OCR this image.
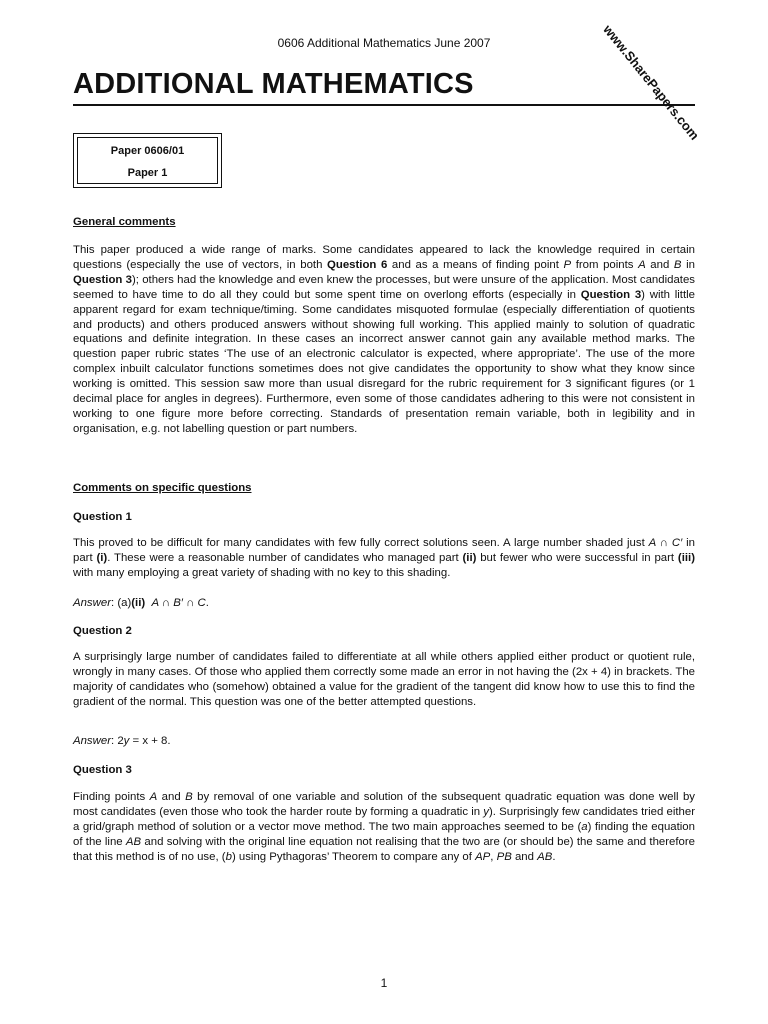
0606 Additional Mathematics June 2007
ADDITIONAL MATHEMATICS	www.SharePapers.com
Paper 0606/01
Paper 1
General comments

This paper produced a wide range of marks. Some candidates appeared to lack the knowledge required in certain questions (especially the use of vectors, in both Question 6 and as a means of finding point P from points A and B in Question 3); others had the knowledge and even knew the processes, but were unsure of the application. Most candidates seemed to have time to do all they could but some spent time on overlong efforts (especially in Question 3) with little apparent regard for exam technique/timing. Some candidates misquoted formulae (especially differentiation of quotients and products) and others produced answers without showing full working. This applied mainly to solution of quadratic equations and definite integration. In these cases an incorrect answer cannot gain any available method marks. The question paper rubric states ‘The use of an electronic calculator is expected, where appropriate’. The use of the more complex inbuilt calculator functions sometimes does not give candidates the opportunity to show what they know since working is omitted. This session saw more than usual disregard for the rubric requirement for 3 significant figures (or 1 decimal place for angles in degrees). Furthermore, even some of those candidates adhering to this were not consistent in working to one figure more before correcting. Standards of presentation remain variable, both in legibility and in organisation, e.g. not labelling question or part numbers.

Comments on specific questions
Question 1

This proved to be difficult for many candidates with few fully correct solutions seen. A large number shaded just A ∩ C′ in part (i). These were a reasonable number of candidates who managed part (ii) but fewer who were successful in part (iii) with many employing a great variety of shading with no key to this shading.

Answer: (a)(ii) A ∩ B′ ∩ C.

Question 2

A surprisingly large number of candidates failed to differentiate at all while others applied either product or quotient rule, wrongly in many cases. Of those who applied them correctly some made an error in not having the (2x + 4) in brackets. The majority of candidates who (somehow) obtained a value for the gradient of the tangent did know how to use this to find the gradient of the normal. This question was one of the better attempted questions.

Answer: 2y = x + 8.

Question 3

Finding points A and B by removal of one variable and solution of the subsequent quadratic equation was done well by most candidates (even those who took the harder route by forming a quadratic in y). Surprisingly few candidates tried either a grid/graph method of solution or a vector move method. The two main approaches seemed to be (a) finding the equation of the line AB and solving with the original line equation not realising that the two are (or should be) the same and therefore that this method is of no use, (b) using Pythagoras’ Theorem to compare any of AP, PB and AB.

1
